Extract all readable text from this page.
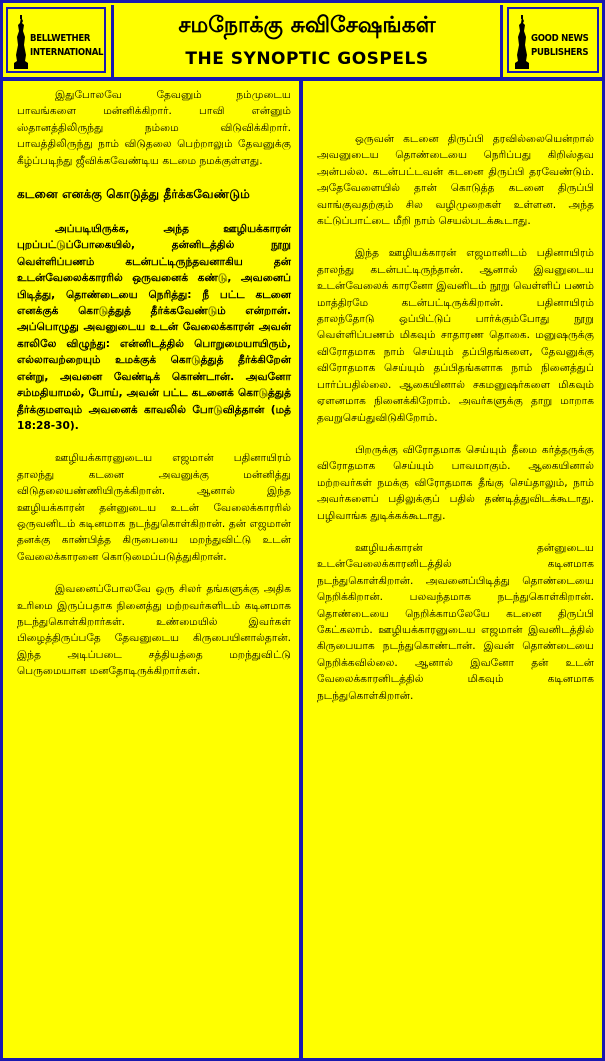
BELLWETHER
INTERNATIONAL
சமநோக்கு சுவிசேஷங்கள்
THE SYNOPTIC GOSPELS
GOOD NEWS
PUBLISHERS

இதுபோலவே தேவனும் நம்முடைய பாவங்களை மன்னிக்கிறார். பாவி என்னும் ஸ்தானத்திலிருந்து நம்மை விடுவிக்கிறார். பாவத்திலிருந்து நாம் விடுதலை பெற்றாலும் தேவனுக்கு கீழ்ப்படிந்து ஜீவிக்கவேண்டிய கடமை நமக்குள்ளது.

கடனை எனக்கு கொடுத்து தீர்க்கவேண்டும்

அப்படியிருக்க, அந்த ஊழியக்காரன் புறப்பட்டுப்போகையில், தன்னிடத்தில் நூறு வெள்ளிப்பணம் கடன்பட்டிருந்தவனாகிய தன் உடன்வேலைக்காரரில் ஒருவனைக் கண்டு, அவனைப் பிடித்து, தொண்டையை நெரித்து: நீ பட்ட கடனை எனக்குக் கொடுத்துத் தீர்க்கவேண்டும் என்றான். அப்பொழுது அவனுடைய உடன் வேலைக்காரன் அவன் காலிலே விழுந்து: என்னிடத்தில் பொறுமையாயிரும், எல்லாவற்றையும் உமக்குக் கொடுத்துத் தீர்க்கிறேன் என்று, அவனை வேண்டிக் கொண்டான். அவனோ சம்மதியாமல், போய், அவன் பட்ட கடனைக் கொடுத்துத் தீர்க்குமளவும் அவனைக் காவலில் போடுவித்தான் (மத் 18:28-30).

ஊழியக்காரனுடைய எஜமான் பதினாயிரம் தாலந்து கடனை அவனுக்கு மன்னித்து விடுதலையண்ணியிருக்கிறான். ஆனால் இந்த ஊழியக்காரன் தன்னுடைய உடன் வேலைக்காரரில் ஒருவனிடம் கடினமாக நடந்துகொள்கிறான். தன் எஜமான் தனக்கு காண்பித்த கிருபையை மறந்துவிட்டு உடன் வேலைக்காரனை கொடுமைப்படுத்துகிறான்.

இவனைப்போலவே ஒரு சிலர் தங்களுக்கு அதிக உரிமை இருப்பதாக நினைத்து மற்றவர்களிடம் கடினமாக நடந்துகொள்கிறார்கள். உண்மையில் இவர்கள் பிழைத்திருப்பதே தேவனுடைய கிருபையினால்தான். இந்த அடிப்படை சத்தியத்தை மறந்துவிட்டு பெருமையான மனதோடிருக்கிறார்கள்.

ஒருவன் கடனை திருப்பி தரவில்லையென்றால் அவனுடைய தொண்டையை நெரிப்பது கிறிஸ்தவ அன்பல்ல. கடன்பட்டவன் கடனை திருப்பி தரவேண்டும். அதேவேளையில் தான் கொடுத்த கடனை திருப்பி வாங்குவதற்கும் சில வழிமுறைகள் உள்ளன. அந்த கட்டுப்பாட்டை மீறி நாம் செயல்படக்கூடாது.

இந்த ஊழியக்காரன் எஜமானிடம் பதினாயிரம் தாலந்து கடன்பட்டிருந்தான். ஆனால் இவனுடைய உடன்வேலைக் காரனோ இவனிடம் நூறு வெள்ளிப் பணம் மாத்திரமே கடன்பட்டிருக்கிறான். பதினாயிரம் தாலந்தோடு ஒப்பிட்டுப் பார்க்கும்போது நூறு வெள்ளிப்பணம் மிகவும் சாதாரண தொகை. மனுஷருக்கு விரோதமாக நாம் செய்யும் தப்பிதங்களை, தேவனுக்கு விரோதமாக செய்யும் தப்பிதங்களாக நாம் நினைத்துப் பார்ப்பதில்லை. ஆகையினால் சகமனுஷர்களை மிகவும் ஏளனமாக நினைக்கிறோம். அவர்களுக்கு தாறு மாறாக தவறுசெய்துவிடுகிறோம்.

பிறருக்கு விரோதமாக செய்யும் தீமை கர்த்தருக்கு விரோதமாக செய்யும் பாவமாகும். ஆகையினால் மற்றவர்கள் நமக்கு விரோதமாக தீங்கு செய்தாலும், நாம் அவர்களைப் பதிலுக்குப் பதில் தண்டித்துவிடக்கூடாது. பழிவாங்க துடிக்கக்கூடாது.

ஊழியக்காரன் தன்னுடைய உடன்வேலைக்காரனிடத்தில் கடினமாக நடந்துகொள்கிறான். அவனைப்பிடித்து தொண்டையை நெறிக்கிறான். பலவந்தமாக நடந்துகொள்கிறான். தொண்டையை நெறிக்காமலேயே கடனை திருப்பி கேட்கலாம். ஊழியக்காரனுடைய எஜமான் இவனிடத்தில் கிருபையாக நடந்துகொண்டான். இவன் தொண்டையை நெறிக்கவில்லை. ஆனால் இவனோ தன் உடன் வேலைக்காரனிடத்தில் மிகவும் கடினமாக நடந்துகொள்கிறான்.
